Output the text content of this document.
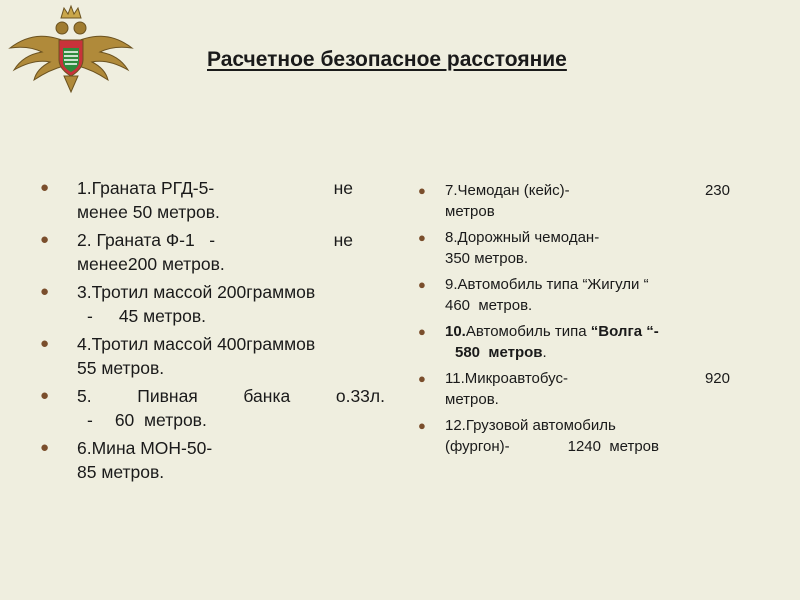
Расчетное безопасное расстояние
● 1.Граната РГД-5-	не
менее 50 метров.
● 2. Граната Ф-1   -	не
менее200 метров.
● 3.Тротил массой 200граммов
- 45 метров.
● 4.Тротил массой 400граммов
55 метров.
● 5.	Пивная	банка	о.33л.
- 60  метров.
● 6.Мина МОН-50-
85 метров.
● 7.Чемодан (кейс)-	230
метров
● 8.Дорожный чемодан-
350 метров.
● 9.Автомобиль типа “Жигули “
460  метров.
● 10. Автомобиль типа “Волга “-
580  метров .
● 11.Микроавтобус-	920
метров.
● 12.Грузовой автомобиль
(фургон)-	1240  метров
